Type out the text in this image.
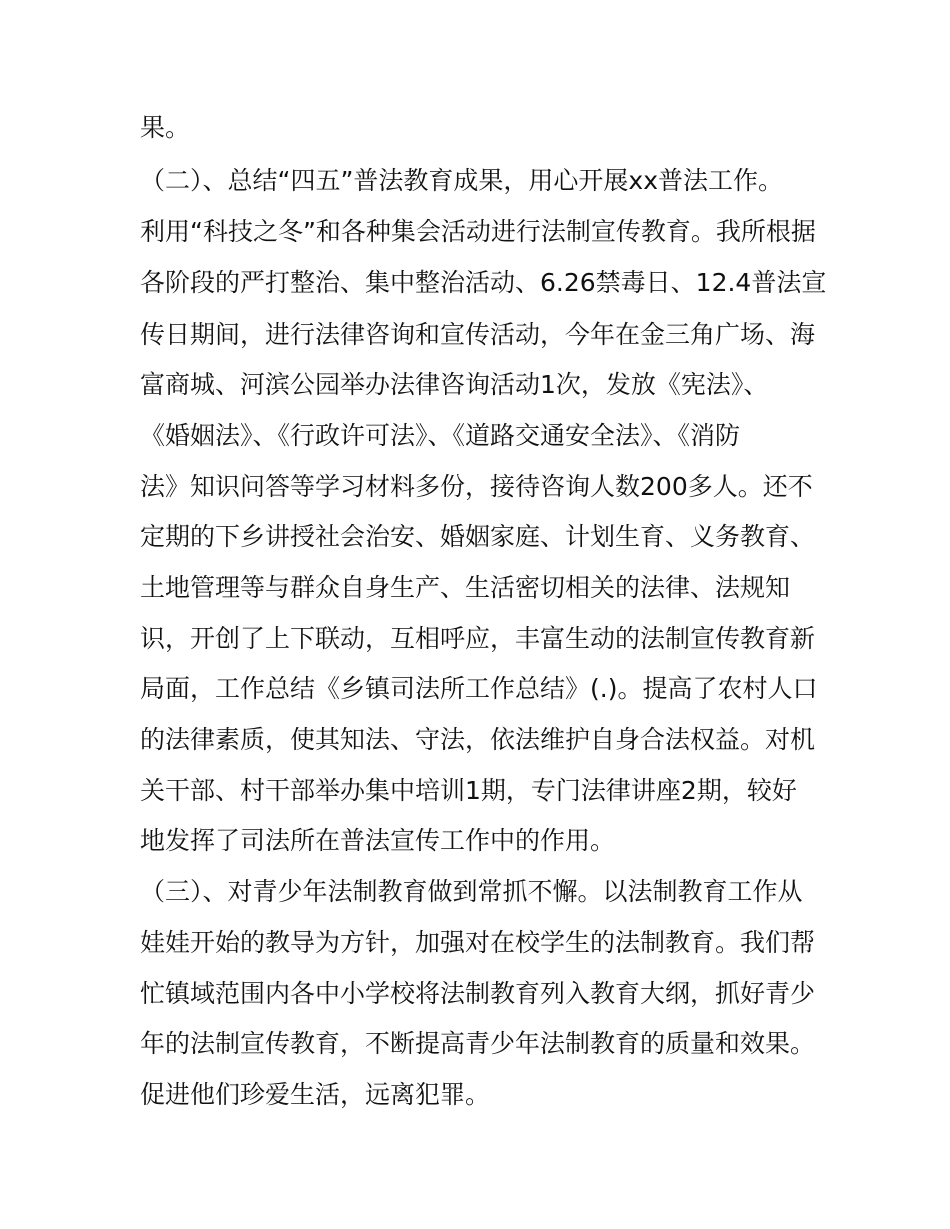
果。
（二）、总结“四五”普法教育成果，用心开展xx普法工作。
利用“科技之冬”和各种集会活动进行法制宣传教育。我所根据
各阶段的严打整治、集中整治活动、6.26禁毒日、12.4普法宣
传日期间，进行法律咨询和宣传活动，今年在金三角广场、海
富商城、河滨公园举办法律咨询活动1次，发放《宪法》、
《婚姻法》、《行政许可法》、《道路交通安全法》、《消防
法》知识问答等学习材料多份，接待咨询人数200多人。还不
定期的下乡讲授社会治安、婚姻家庭、计划生育、义务教育、
土地管理等与群众自身生产、生活密切相关的法律、法规知
识，开创了上下联动，互相呼应，丰富生动的法制宣传教育新
局面，工作总结《乡镇司法所工作总结》(.)。提高了农村人口
的法律素质，使其知法、守法，依法维护自身合法权益。对机
关干部、村干部举办集中培训1期，专门法律讲座2期，较好
地发挥了司法所在普法宣传工作中的作用。
（三）、对青少年法制教育做到常抓不懈。以法制教育工作从
娃娃开始的教导为方针，加强对在校学生的法制教育。我们帮
忙镇域范围内各中小学校将法制教育列入教育大纲，抓好青少
年的法制宣传教育，不断提高青少年法制教育的质量和效果。
促进他们珍爱生活，远离犯罪。
